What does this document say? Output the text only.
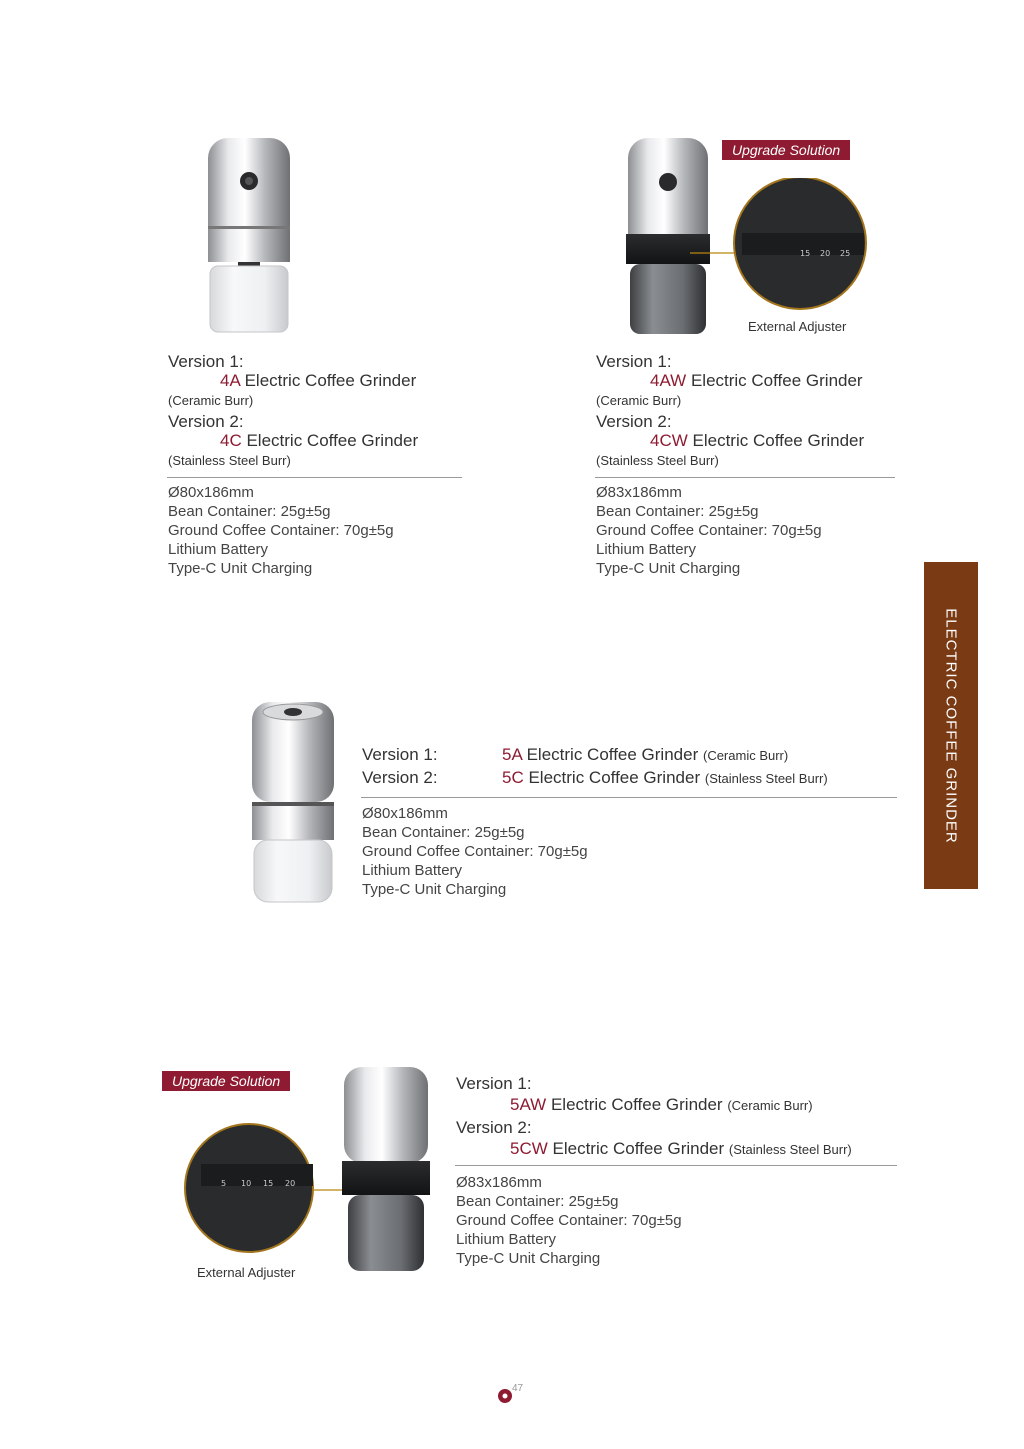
Version 1:
4A Electric Coffee Grinder
(Ceramic Burr)
Version 2:
4C Electric Coffee Grinder
(Stainless Steel Burr)
Ø80x186mm
Bean Container: 25g±5g
Ground Coffee Container: 70g±5g
Lithium Battery
Type-C Unit Charging
Upgrade Solution
15 20 25
External Adjuster
Version 1:
4AW Electric Coffee Grinder
(Ceramic Burr)
Version 2:
4CW Electric Coffee Grinder
(Stainless Steel Burr)
Ø83x186mm
Bean Container: 25g±5g
Ground Coffee Container: 70g±5g
Lithium Battery
Type-C Unit Charging
ELECTRIC COFFEE GRINDER
Version 1:	5A Electric Coffee Grinder (Ceramic Burr)
Version 2:	5C Electric Coffee Grinder (Stainless Steel Burr)
Ø80x186mm
Bean Container: 25g±5g
Ground Coffee Container: 70g±5g
Lithium Battery
Type-C Unit Charging
Upgrade Solution
5 10 15 20
External Adjuster
Version 1:
5AW Electric Coffee Grinder (Ceramic Burr)
Version 2:
5CW Electric Coffee Grinder (Stainless Steel Burr)
Ø83x186mm
Bean Container: 25g±5g
Ground Coffee Container: 70g±5g
Lithium Battery
Type-C Unit Charging
47
